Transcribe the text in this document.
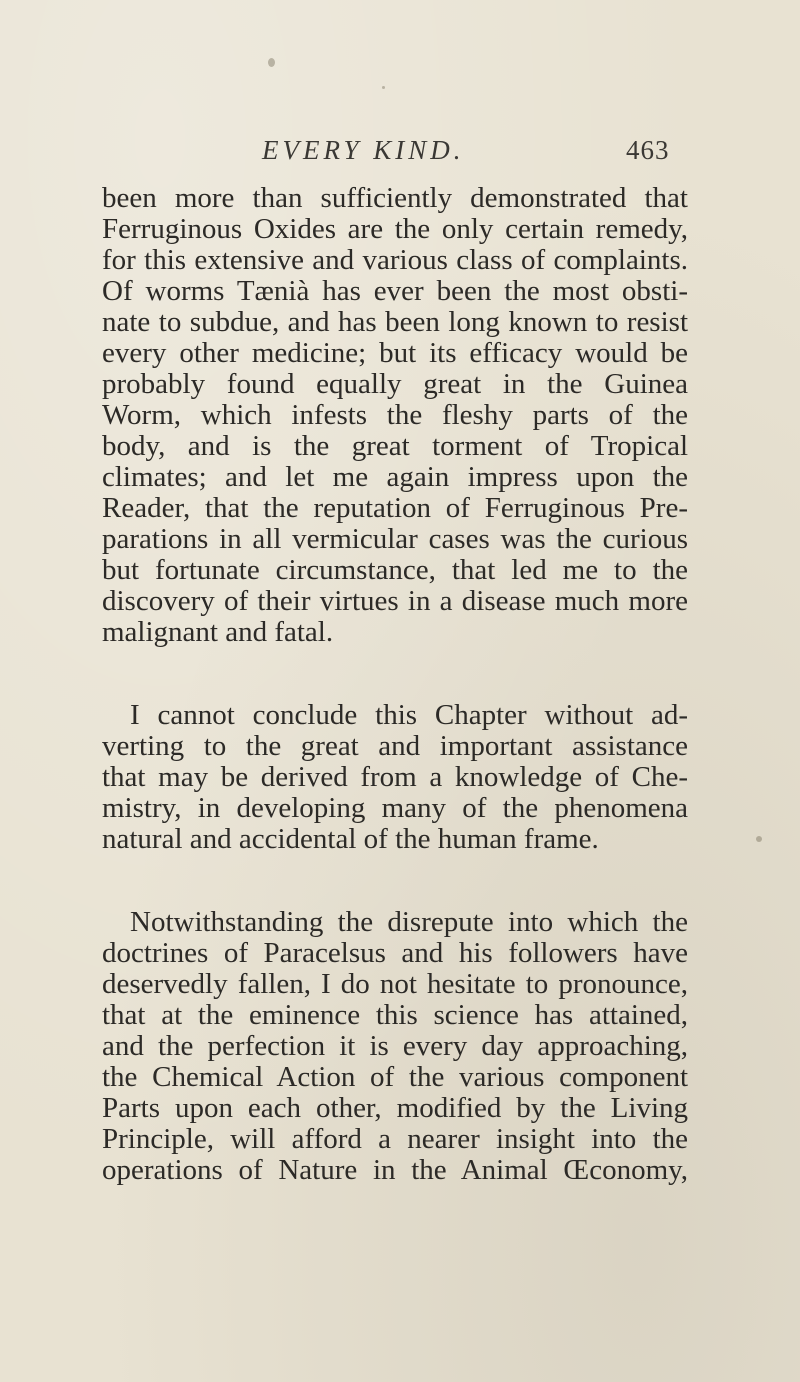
EVERY KIND.	463

been more than sufficiently demonstrated that
Ferruginous Oxides are the only certain remedy,
for this extensive and various class of complaints.
Of worms Tænià has ever been the most obsti-
nate to subdue, and has been long known to resist
every other medicine; but its efficacy would be
probably found equally great in the Guinea
Worm, which infests the fleshy parts of the
body, and is the great torment of Tropical
climates; and let me again impress upon the
Reader, that the reputation of Ferruginous Pre-
parations in all vermicular cases was the curious
but fortunate circumstance, that led me to the
discovery of their virtues in a disease much more
malignant and fatal.

I cannot conclude this Chapter without ad-
verting to the great and important assistance
that may be derived from a knowledge of Che-
mistry, in developing many of the phenomena
natural and accidental of the human frame.

Notwithstanding the disrepute into which the
doctrines of Paracelsus and his followers have
deservedly fallen, I do not hesitate to pronounce,
that at the eminence this science has attained,
and the perfection it is every day approaching,
the Chemical Action of the various component
Parts upon each other, modified by the Living
Principle, will afford a nearer insight into the
operations of Nature in the Animal Œconomy,
